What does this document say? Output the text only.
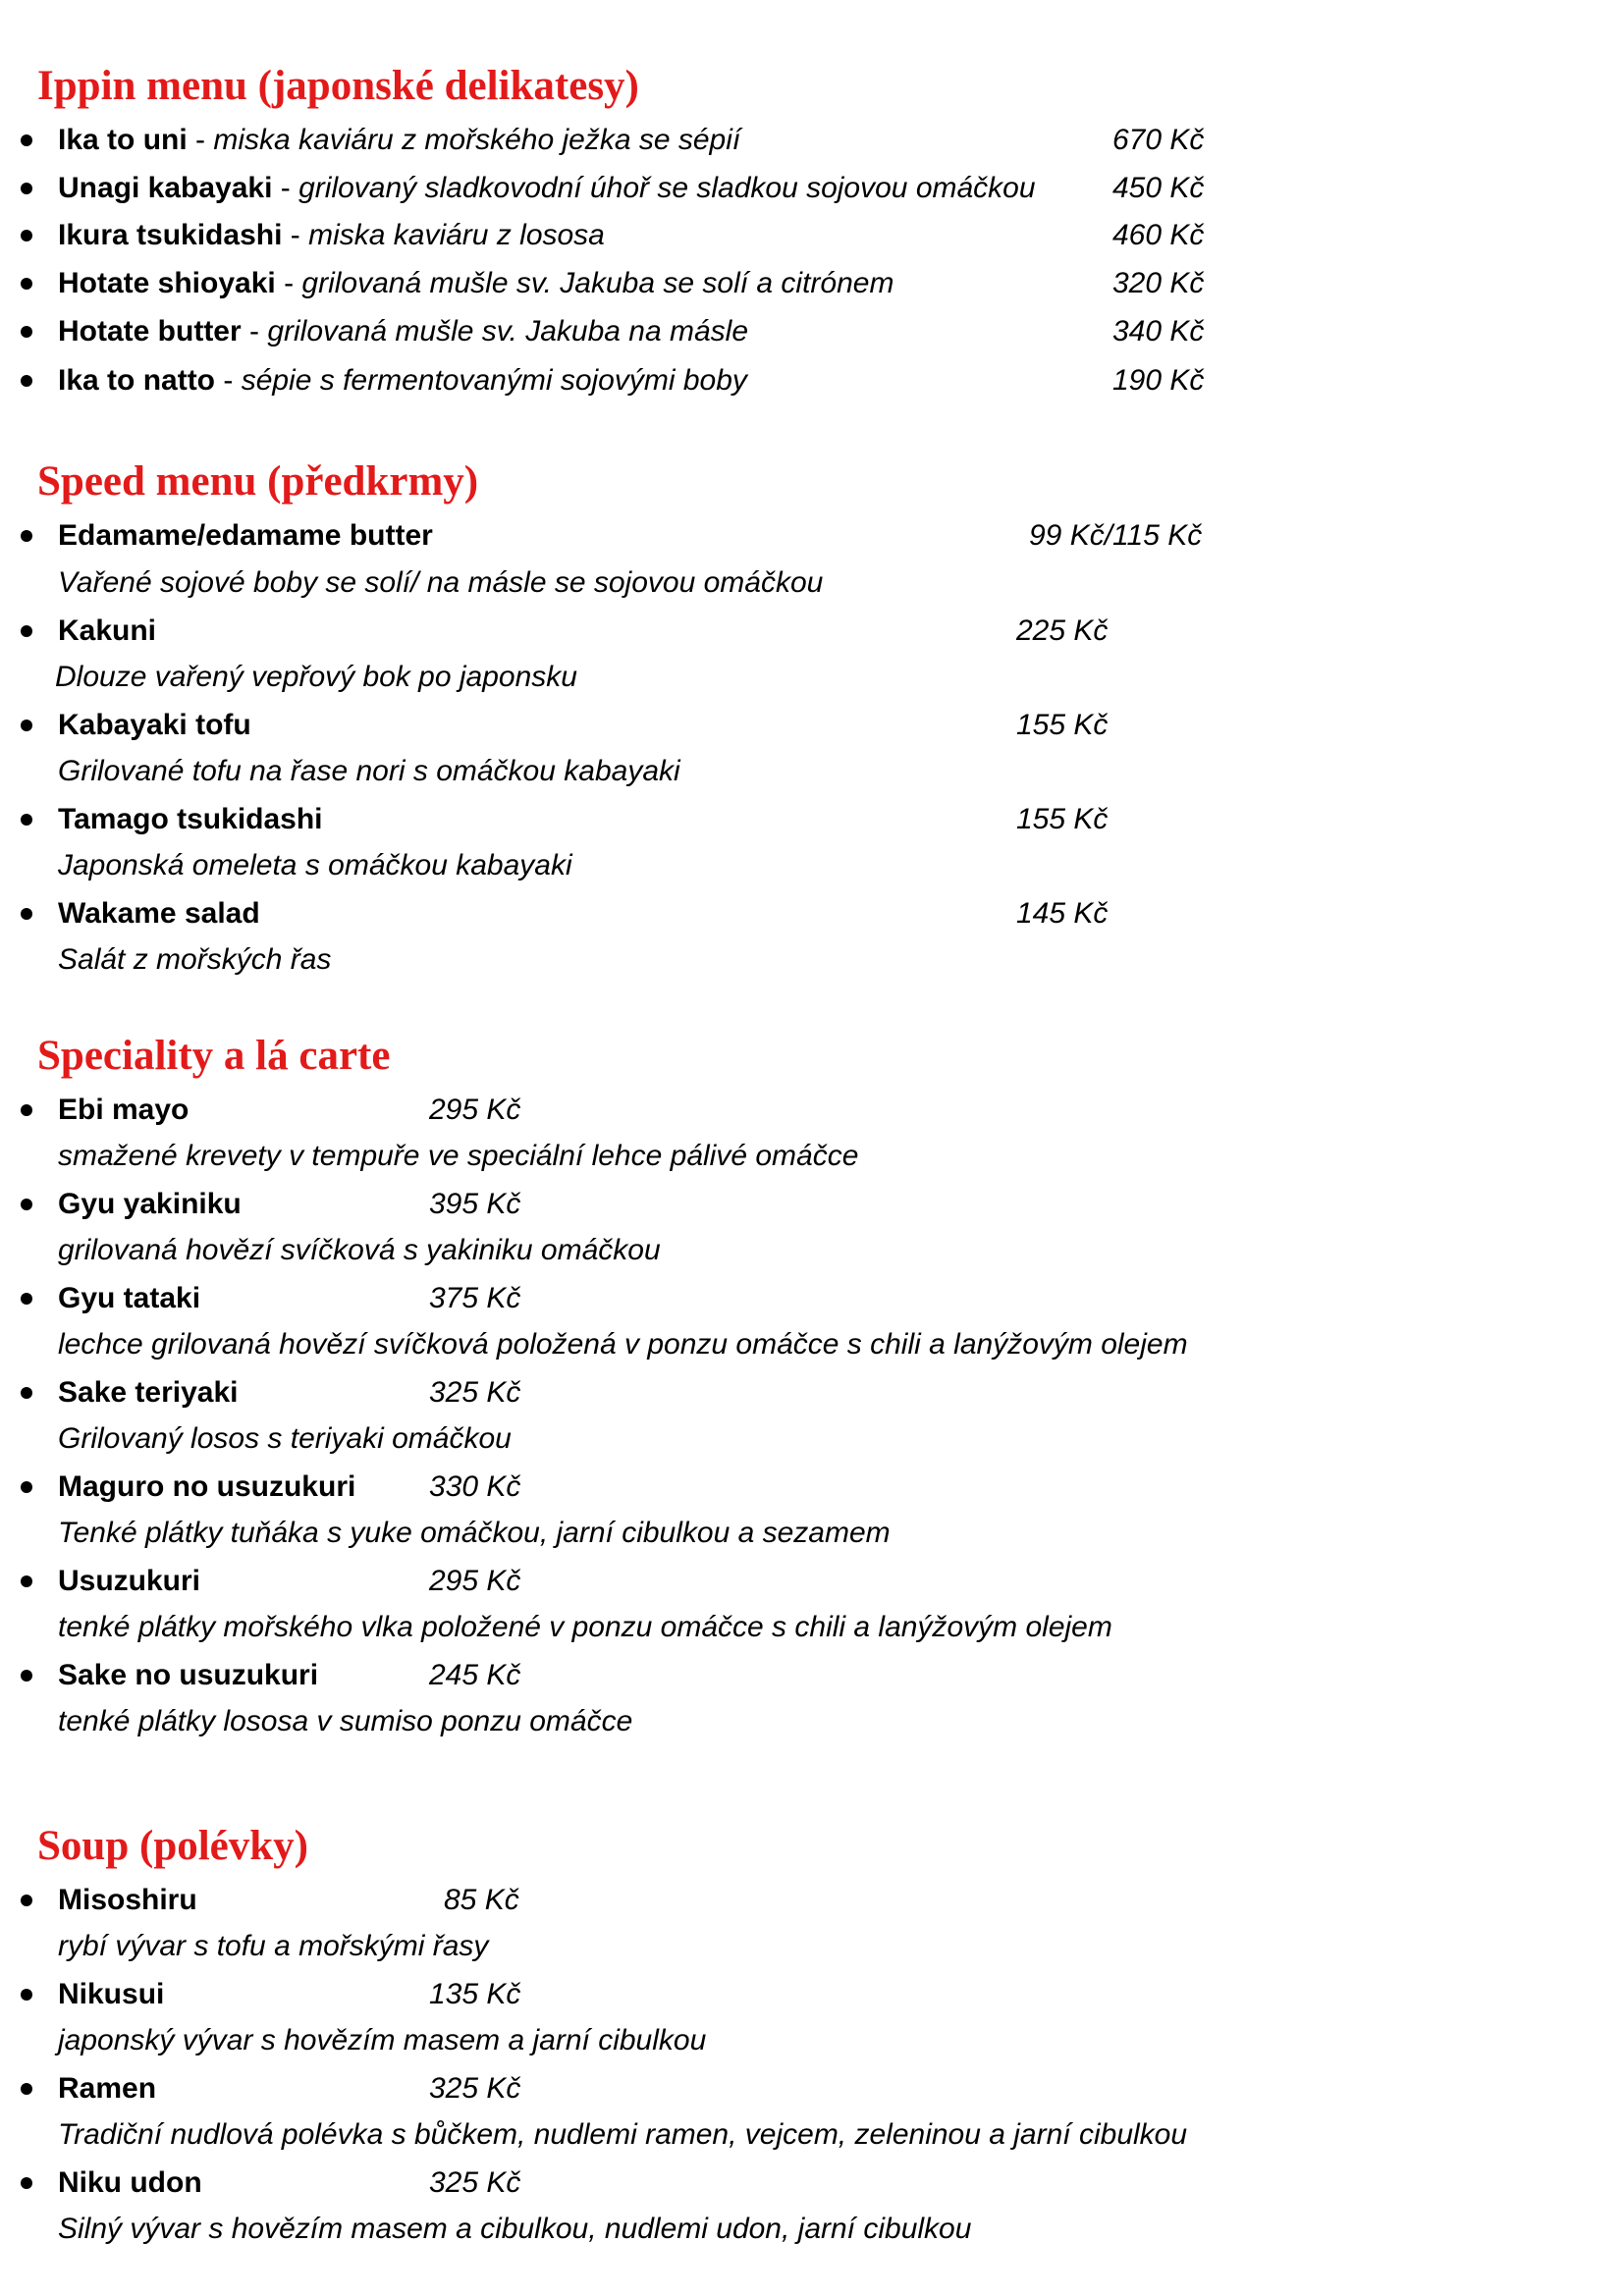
Ippin menu (japonské delikatesy)
Ika to uni - miska kaviáru z mořského ježka se sépií	670 Kč
Unagi kabayaki - grilovaný sladkovodní úhoř se sladkou sojovou omáčkou	450 Kč
Ikura tsukidashi - miska kaviáru z lososa	460 Kč
Hotate shioyaki - grilovaná mušle sv. Jakuba se solí a citrónem	320 Kč
Hotate butter - grilovaná mušle sv. Jakuba na másle	340 Kč
Ika to natto - sépie s fermentovanými sojovými boby	190 Kč
Speed menu (předkrmy)
Edamame/edamame butter	99 Kč/115 Kč
Vařené sojové boby se solí/ na másle se sojovou omáčkou
Kakuni	225 Kč
Dlouze vařený vepřový bok po japonsku
Kabayaki tofu	155 Kč
Grilované tofu na řase nori s omáčkou kabayaki
Tamago tsukidashi	155 Kč
Japonská omeleta s omáčkou kabayaki
Wakame salad	145 Kč
Salát z mořských řas
Speciality a lá carte
Ebi mayo	295 Kč
smažené krevety v tempuře ve speciální lehce pálivé omáčce
Gyu yakiniku	395 Kč
grilovaná hovězí svíčková s yakiniku omáčkou
Gyu tataki	375 Kč
lechce grilovaná hovězí svíčková položená v ponzu omáčce s chili a lanýžovým olejem
Sake teriyaki	325 Kč
Grilovaný losos s teriyaki omáčkou
Maguro no usuzukuri 330 Kč
Tenké plátky tuňáka s yuke omáčkou, jarní cibulkou a sezamem
Usuzukuri	295 Kč
tenké plátky mořského vlka položené v ponzu omáčce s chili a lanýžovým olejem
Sake no usuzukuri	245 Kč
tenké plátky lososa v sumiso ponzu omáčce
Soup (polévky)
Misoshiru	85 Kč
rybí vývar s tofu a mořskými řasy
Nikusui	135 Kč
japonský vývar s hovězím masem a jarní cibulkou
Ramen	325 Kč
Tradiční nudlová polévka s bůčkem, nudlemi ramen, vejcem, zeleninou a jarní cibulkou
Niku udon	325 Kč
Silný vývar s hovězím masem a cibulkou, nudlemi udon, jarní cibulkou
